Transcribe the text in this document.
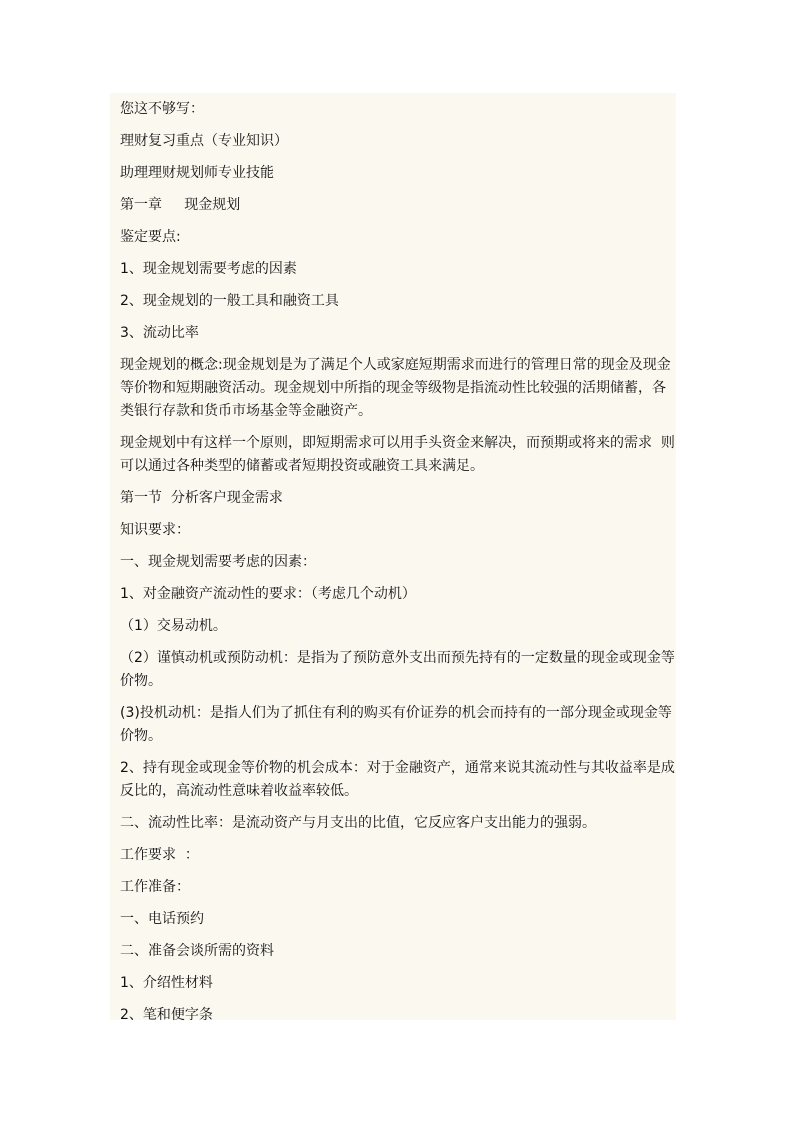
您这不够写：

理财复习重点（专业知识）

助理理财规划师专业技能

第一章     现金规划

鉴定要点:

1、现金规划需要考虑的因素

2、现金规划的一般工具和融资工具

3、流动比率

现金规划的概念:现金规划是为了满足个人或家庭短期需求而进行的管理日常的现金及现金等价物和短期融资活动。现金规划中所指的现金等级物是指流动性比较强的活期储蓄，各类银行存款和货币市场基金等金融资产。

现金规划中有这样一个原则，即短期需求可以用手头资金来解决，而预期或将来的需求  则可以通过各种类型的储蓄或者短期投资或融资工具来满足。

第一节  分析客户现金需求

知识要求：

一、现金规划需要考虑的因素：

1、对金融资产流动性的要求：（考虑几个动机）

（1）交易动机。

（2）谨慎动机或预防动机：是指为了预防意外支出而预先持有的一定数量的现金或现金等价物。

(3)投机动机：是指人们为了抓住有利的购买有价证券的机会而持有的一部分现金或现金等价物。

2、持有现金或现金等价物的机会成本：对于金融资产，通常来说其流动性与其收益率是成反比的，高流动性意味着收益率较低。

二、流动性比率：是流动资产与月支出的比值，它反应客户支出能力的强弱。

工作要求  ：

工作准备：

一、电话预约

二、准备会谈所需的资料

1、介绍性材料

2、笔和便字条
